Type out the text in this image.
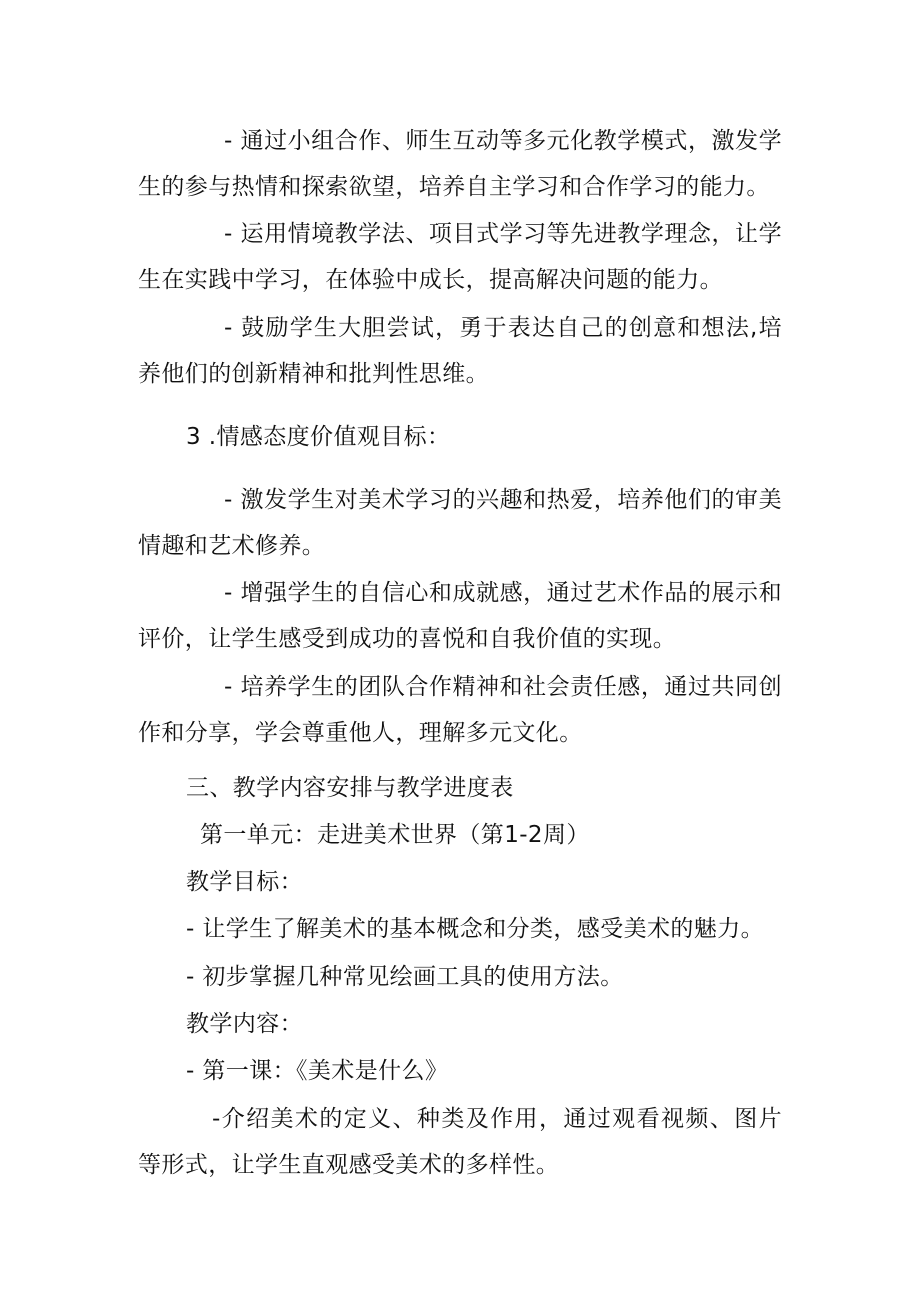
- 通过小组合作、师生互动等多元化教学模式，激发学生的参与热情和探索欲望，培养自主学习和合作学习的能力。
- 运用情境教学法、项目式学习等先进教学理念，让学生在实践中学习，在体验中成长，提高解决问题的能力。
- 鼓励学生大胆尝试，勇于表达自己的创意和想法,培养他们的创新精神和批判性思维。
3 .情感态度价值观目标：
- 激发学生对美术学习的兴趣和热爱，培养他们的审美情趣和艺术修养。
- 增强学生的自信心和成就感，通过艺术作品的展示和评价，让学生感受到成功的喜悦和自我价值的实现。
- 培养学生的团队合作精神和社会责任感，通过共同创作和分享，学会尊重他人，理解多元文化。
三、教学内容安排与教学进度表
第一单元：走进美术世界（第1-2周）
教学目标：
- 让学生了解美术的基本概念和分类，感受美术的魅力。
- 初步掌握几种常见绘画工具的使用方法。
教学内容：
- 第一课：《美术是什么》
-介绍美术的定义、种类及作用，通过观看视频、图片等形式，让学生直观感受美术的多样性。
